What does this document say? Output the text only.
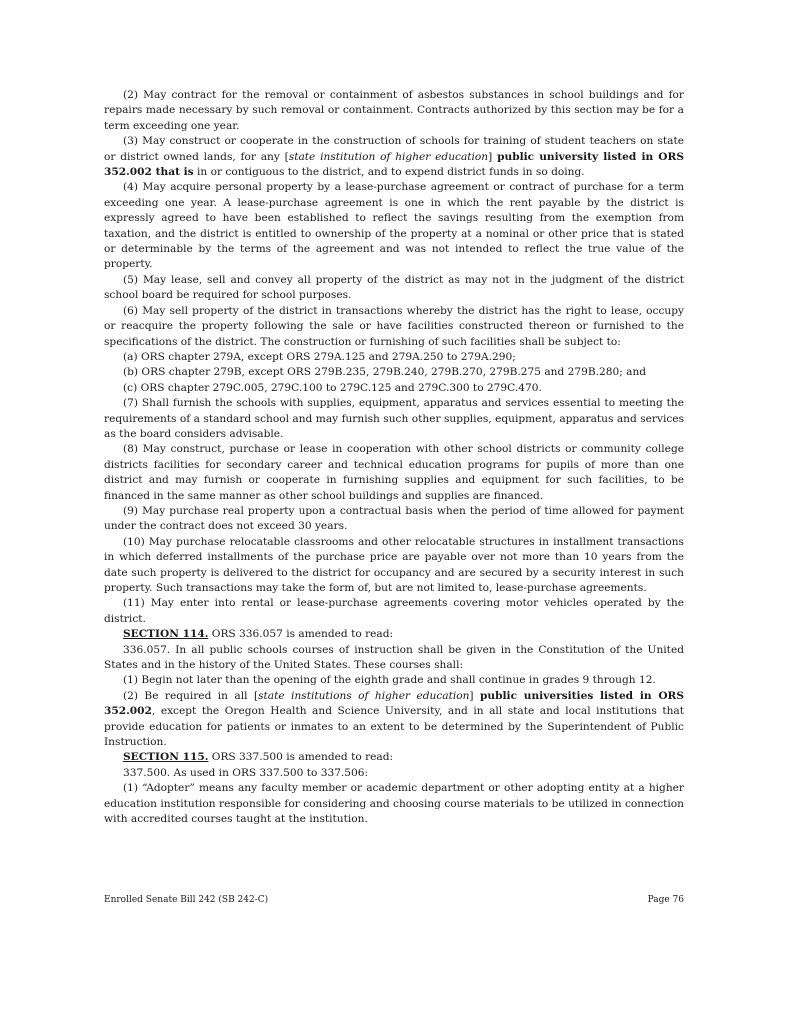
(2) May contract for the removal or containment of asbestos substances in school buildings and for repairs made necessary by such removal or containment. Contracts authorized by this section may be for a term exceeding one year.

(3) May construct or cooperate in the construction of schools for training of student teachers on state or district owned lands, for any [state institution of higher education] public university listed in ORS 352.002 that is in or contiguous to the district, and to expend district funds in so doing.

(4) May acquire personal property by a lease-purchase agreement or contract of purchase for a term exceeding one year. A lease-purchase agreement is one in which the rent payable by the district is expressly agreed to have been established to reflect the savings resulting from the exemption from taxation, and the district is entitled to ownership of the property at a nominal or other price that is stated or determinable by the terms of the agreement and was not intended to reflect the true value of the property.

(5) May lease, sell and convey all property of the district as may not in the judgment of the district school board be required for school purposes.

(6) May sell property of the district in transactions whereby the district has the right to lease, occupy or reacquire the property following the sale or have facilities constructed thereon or furnished to the specifications of the district. The construction or furnishing of such facilities shall be subject to:

(a) ORS chapter 279A, except ORS 279A.125 and 279A.250 to 279A.290;

(b) ORS chapter 279B, except ORS 279B.235, 279B.240, 279B.270, 279B.275 and 279B.280; and

(c) ORS chapter 279C.005, 279C.100 to 279C.125 and 279C.300 to 279C.470.

(7) Shall furnish the schools with supplies, equipment, apparatus and services essential to meeting the requirements of a standard school and may furnish such other supplies, equipment, apparatus and services as the board considers advisable.

(8) May construct, purchase or lease in cooperation with other school districts or community college districts facilities for secondary career and technical education programs for pupils of more than one district and may furnish or cooperate in furnishing supplies and equipment for such facilities, to be financed in the same manner as other school buildings and supplies are financed.

(9) May purchase real property upon a contractual basis when the period of time allowed for payment under the contract does not exceed 30 years.

(10) May purchase relocatable classrooms and other relocatable structures in installment transactions in which deferred installments of the purchase price are payable over not more than 10 years from the date such property is delivered to the district for occupancy and are secured by a security interest in such property. Such transactions may take the form of, but are not limited to, lease-purchase agreements.

(11) May enter into rental or lease-purchase agreements covering motor vehicles operated by the district.

SECTION 114. ORS 336.057 is amended to read:

336.057. In all public schools courses of instruction shall be given in the Constitution of the United States and in the history of the United States. These courses shall:

(1) Begin not later than the opening of the eighth grade and shall continue in grades 9 through 12.

(2) Be required in all [state institutions of higher education] public universities listed in ORS 352.002, except the Oregon Health and Science University, and in all state and local institutions that provide education for patients or inmates to an extent to be determined by the Superintendent of Public Instruction.

SECTION 115. ORS 337.500 is amended to read:

337.500. As used in ORS 337.500 to 337.506:

(1) “Adopter” means any faculty member or academic department or other adopting entity at a higher education institution responsible for considering and choosing course materials to be utilized in connection with accredited courses taught at the institution.

Enrolled Senate Bill 242 (SB 242-C)	Page 76
